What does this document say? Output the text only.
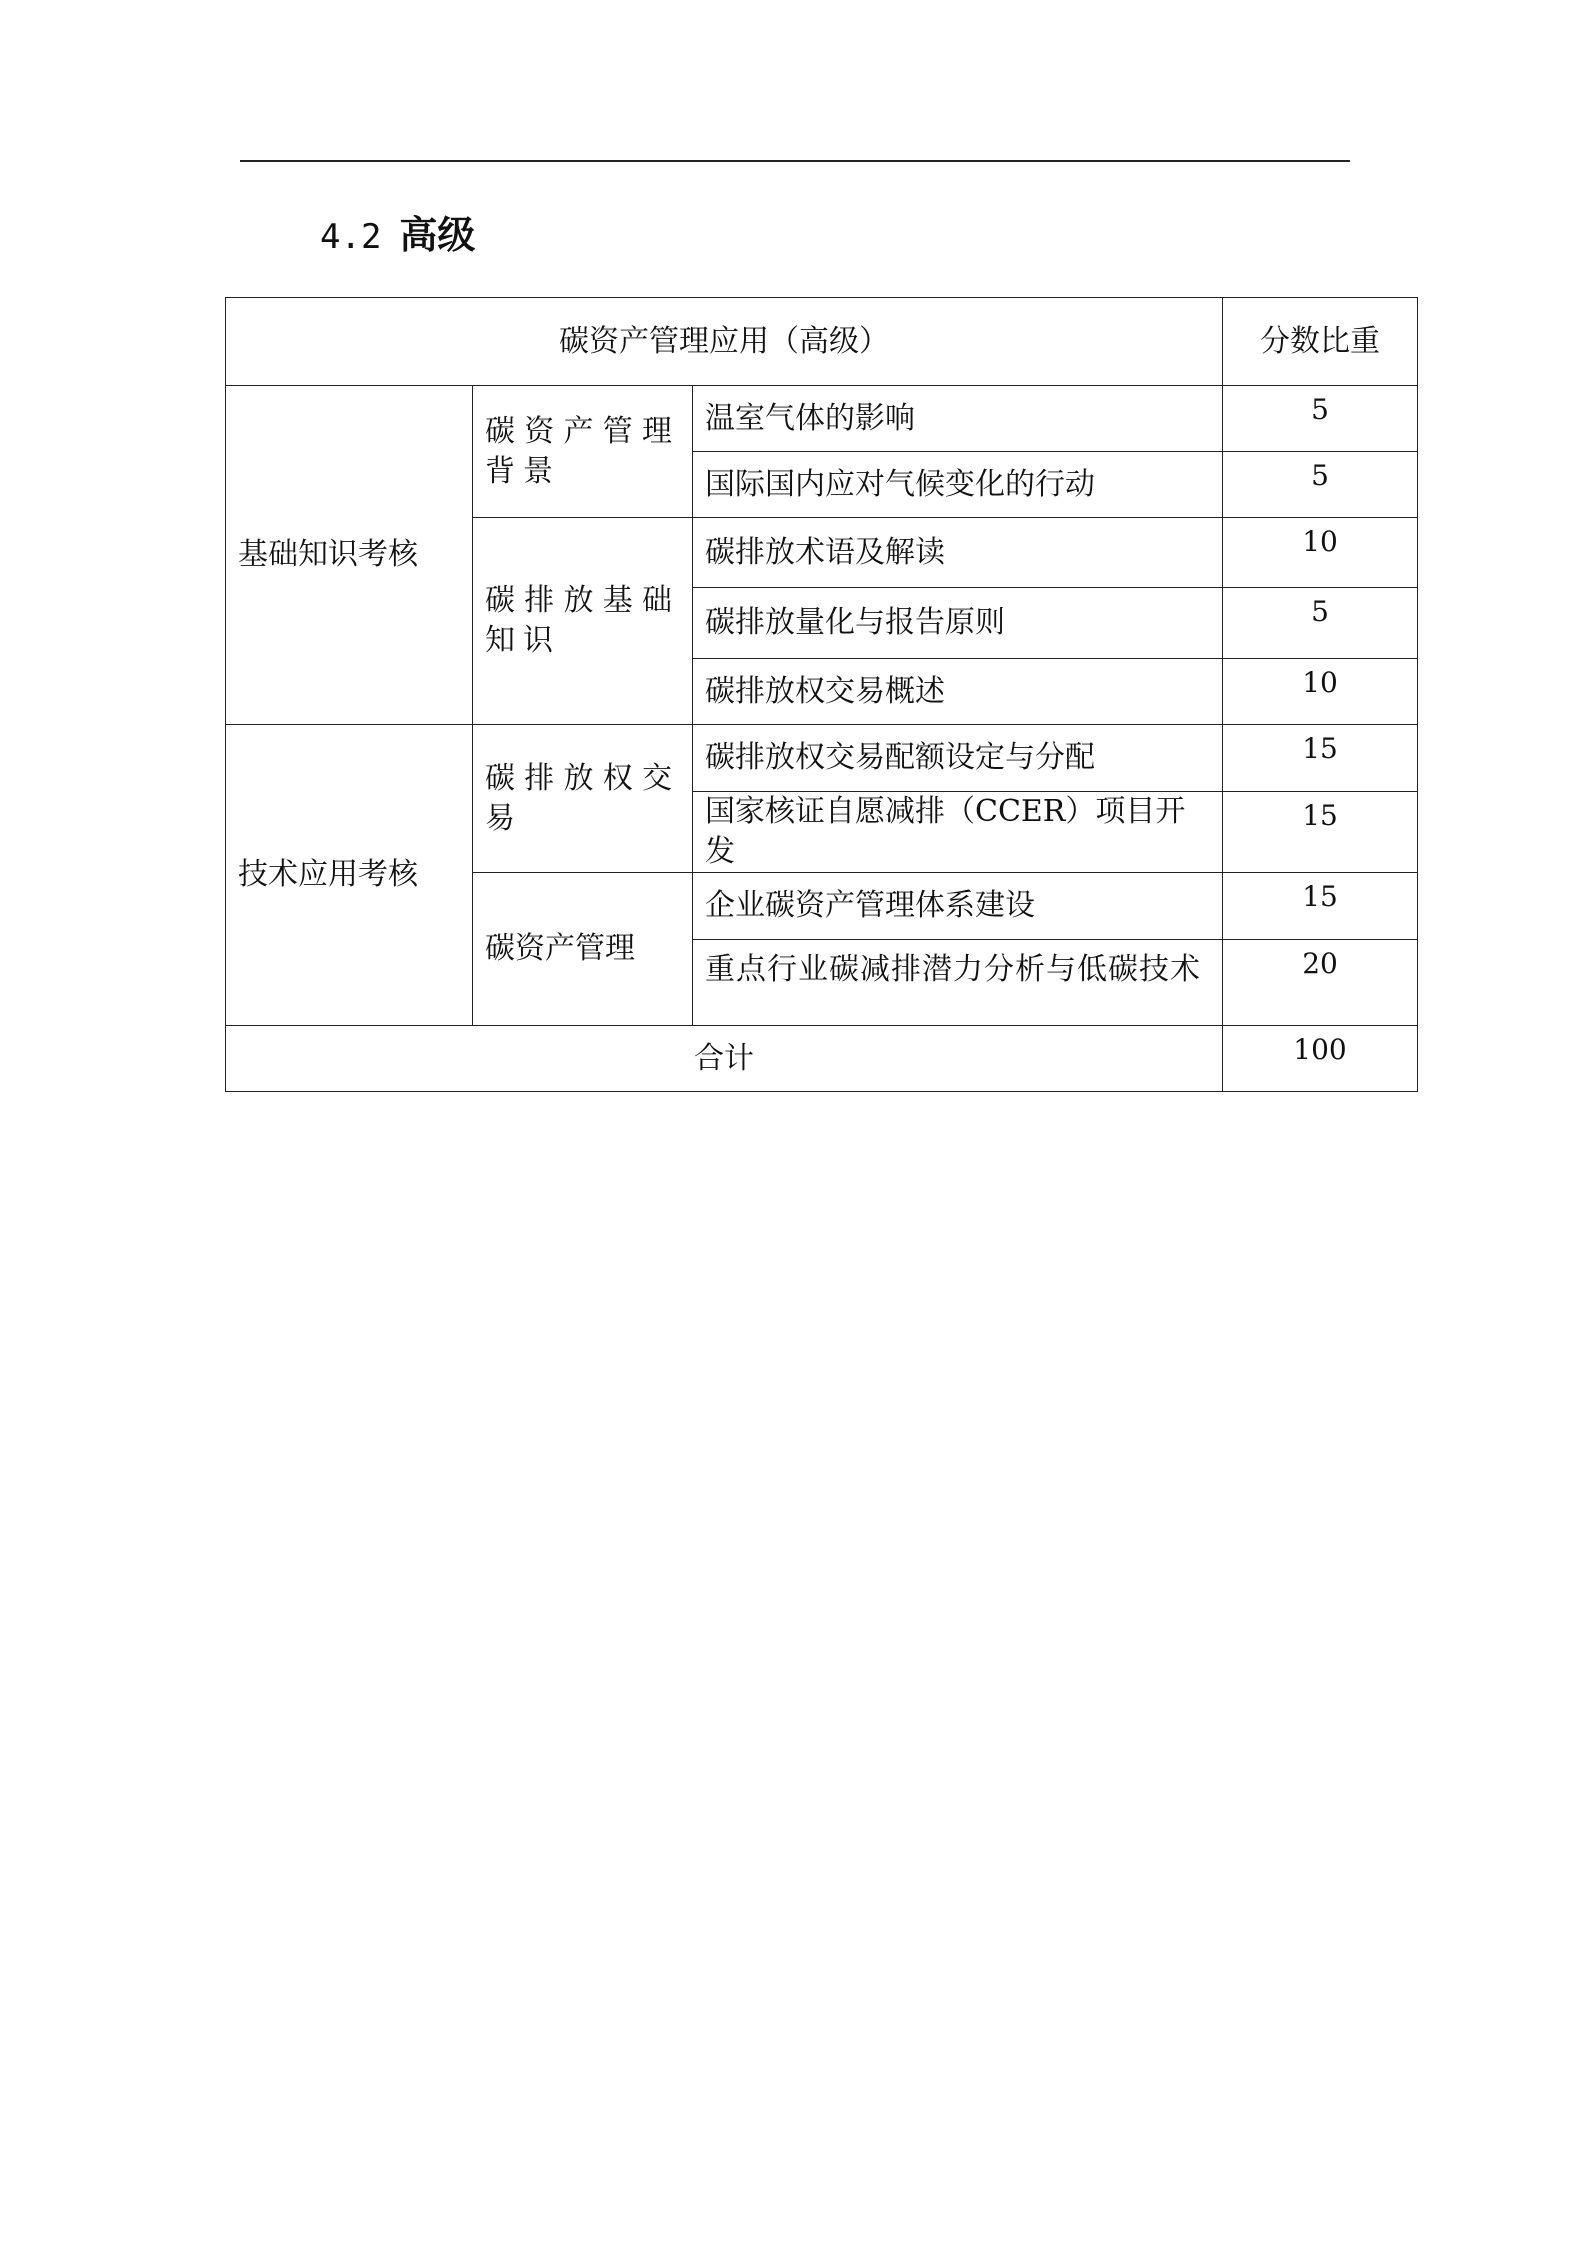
4.2 高级
碳资产管理应用（高级）			分数比重
基础知识考核	碳资产管理背景	温室气体的影响	5
		国际国内应对气候变化的行动	5
	碳排放基础知识	碳排放术语及解读	10
		碳排放量化与报告原则	5
		碳排放权交易概述	10
技术应用考核	碳排放权交易	碳排放权交易配额设定与分配	15
		国家核证自愿减排（CCER）项目开发	15
	碳资产管理	企业碳资产管理体系建设	15
		重点行业碳减排潜力分析与低碳技术	20
合计			100
